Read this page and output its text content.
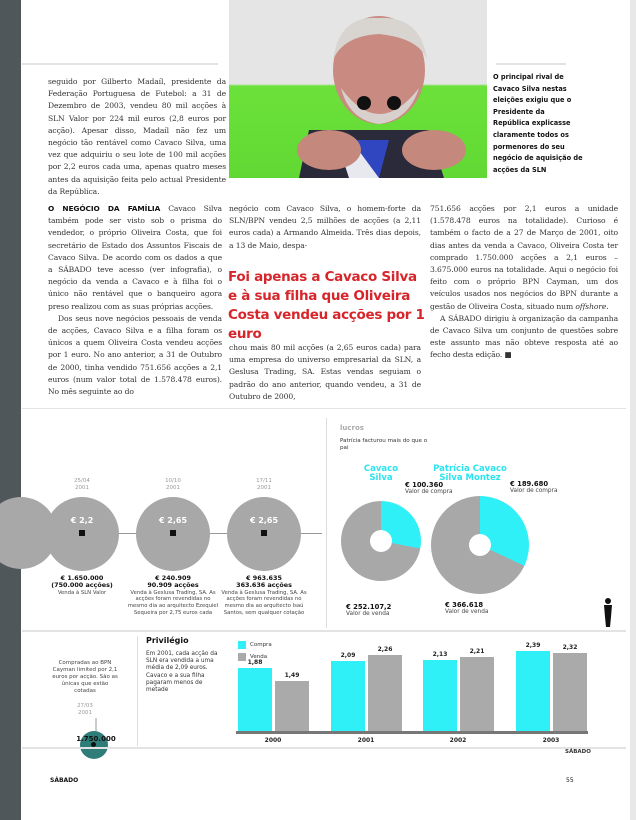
seguido por Gilberto Madaíl, presidente da Federação Portuguesa de Futebol: a 31 de Dezembro de 2003, vendeu 80 mil acções à SLN Valor por 224 mil euros (2,8 euros por acção). Apesar disso, Madaíl não fez um negócio tão rentável como Cavaco Silva, uma vez que adquiriu o seu lote de 100 mil acções por 2,2 euros cada uma, apenas quatro meses antes da aquisição feita pelo actual Presidente da República.
O principal rival de Cavaco Silva nestas eleições exigiu que o Presidente da República explicasse claramente todos os pormenores do seu negócio de aquisição de acções da SLN

O NEGÓCIO DA FAMÍLIA Cavaco Silva também pode ser visto sob o prisma do vendedor, o próprio Oliveira Costa, que foi secretário de Estado dos Assuntos Fiscais de Cavaco Silva. De acordo com os dados a que a SÁBADO teve acesso (ver infografia), o negócio da venda a Cavaco e à filha foi o único não rentável que o banqueiro agora preso realizou com as suas próprias acções.

Dos seus nove negócios pessoais de venda de acções, Cavaco Silva e a filha foram os únicos a quem Oliveira Costa vendeu acções por 1 euro. No ano anterior, a 31 de Outubro de 2000, tinha vendido 751.656 acções a 2,1 euros (num valor total de 1.578.478 euros). No mês seguinte ao do

negócio com Cavaco Silva, o homem-forte da SLN/BPN vendeu 2,5 milhões de acções (a 2,11 euros cada) a Armando Almeida. Três dias depois, a 13 de Maio, despa-
Foi apenas a Cavaco Silva e à sua filha que Oliveira Costa vendeu acções por 1 euro
chou mais 80 mil acções (a 2,65 euros cada) para uma empresa do universo empresarial da SLN, a Geslusa Trading, SA. Estas vendas seguiam o padrão do ano anterior, quando vendeu, a 31 de Outubro de 2000,

751.656 acções por 2,1 euros a unidade (1.578.478 euros na totalidade). Curioso é também o facto de a 27 de Março de 2001, oito dias antes da venda a Cavaco, Oliveira Costa ter comprado 1.750.000 acções a 2,1 euros – 3.675.000 euros na totalidade. Aqui o negócio foi feito com o próprio BPN Cayman, um dos veículos usados nos negócios do BPN durante a gestão de Oliveira Costa, situado num offshore.

A SÁBADO dirigiu à organização da campanha de Cavaco Silva um conjunto de questões sobre este assunto mas não obteve resposta até ao fecho desta edição. ■

25/04
2001
€ 2,2
€ 1.650.000
(750.000 acções)
Venda à SLN Valor
10/10
2001
€ 2,65
€ 240.909
90.909 acções
Venda à Geslusa Trading, SA. As acções foram revendidas no mesmo dia ao arquitecto Ezequiel Sequeira por 2,75 euros cada
17/11
2001
€ 2,65
€ 963.635
363.636 acções
Venda à Geslusa Trading, SA. As acções foram revendidas no mesmo dia ao arquitecto Isaú Santos, sem qualquer cotação
lucros
Patrícia facturou mais do que o pai
Cavaco Silva
€ 100.360
Valor de compra
€ 252.107,2
Valor de venda
Patrícia Cavaco Silva Montez
€ 189.680
Valor de compra
€ 366.618
Valor de venda
Compradas ao BPN Cayman limited por 2,1 euros por acção. São as únicas que estão cotadas
27/03
2001
1.750.000
Privilégio
Em 2001, cada acção da SLN era vendida a uma média de 2,09 euros. Cavaco e a sua filha pagaram menos de metade
Compra
Venda
1,88
1,49
2000
2,09
2,26
2001
2,13	2,21
2002
2,39	2,32
2003
SÁBADO
SÁBADO	55
